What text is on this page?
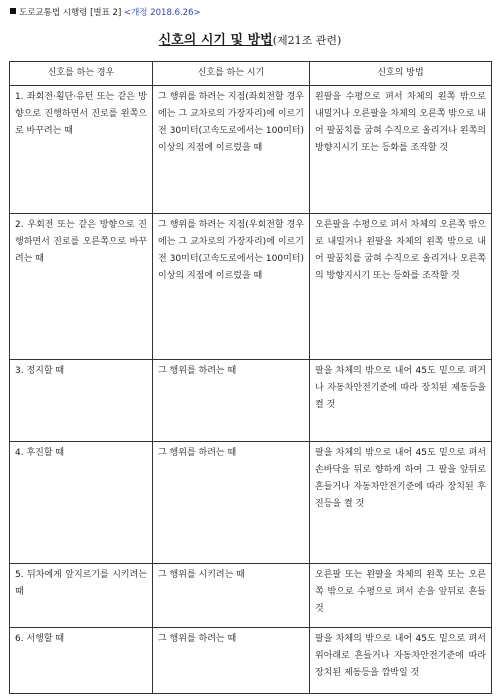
도로교통법 시행령 [별표 2] <개정 2018.6.26>
신호의 시기 및 방법(제21조 관련)
신호를 하는 경우	신호를 하는 시기	신호의 방법
1. 좌회전·횡단·유턴 또는 같은 방향으로 진행하면서 진로를 왼쪽으로 바꾸려는 때	그 행위를 하려는 지점(좌회전할 경우에는 그 교차로의 가장자리)에 이르기 전 30미터(고속도로에서는 100미터) 이상의 지점에 이르렀을 때	왼팔을 수평으로 펴서 차체의 왼쪽 밖으로 내밀거나 오른팔을 차체의 오른쪽 밖으로 내어 팔꿈치를 굽혀 수직으로 올리거나 왼쪽의 방향지시기 또는 등화를 조작할 것
2. 우회전 또는 같은 방향으로 진행하면서 진로를 오른쪽으로 바꾸려는 때	그 행위를 하려는 지점(우회전할 경우에는 그 교차로의 가장자리)에 이르기 전 30미터(고속도로에서는 100미터) 이상의 지점에 이르렀을 때	오른팔을 수평으로 펴서 차체의 오른쪽 밖으로 내밀거나 왼팔을 차체의 왼쪽 밖으로 내어 팔꿈치를 굽혀 수직으로 올리거나 오른쪽의 방향지시기 또는 등화를 조작할 것
3. 정지할 때	그 행위를 하려는 때	팔을 차체의 밖으로 내어 45도 밑으로 펴거나 자동차안전기준에 따라 장치된 제동등을 켤 것
4. 후진할 때	그 행위를 하려는 때	팔을 차체의 밖으로 내어 45도 밑으로 펴서 손바닥을 뒤로 향하게 하여 그 팔을 앞뒤로 흔들거나 자동차안전기준에 따라 장치된 후진등을 켤 것
5. 뒤차에게 앞지르기를 시키려는 때	그 행위를 시키려는 때	오른팔 또는 왼팔을 차체의 왼쪽 또는 오른쪽 밖으로 수평으로 펴서 손을 앞뒤로 흔들 것
6. 서행할 때	그 행위를 하려는 때	팔을 차체의 밖으로 내어 45도 밑으로 펴서 위아래로 흔들거나 자동차안전기준에 따라 장치된 제동등을 깜박일 것
